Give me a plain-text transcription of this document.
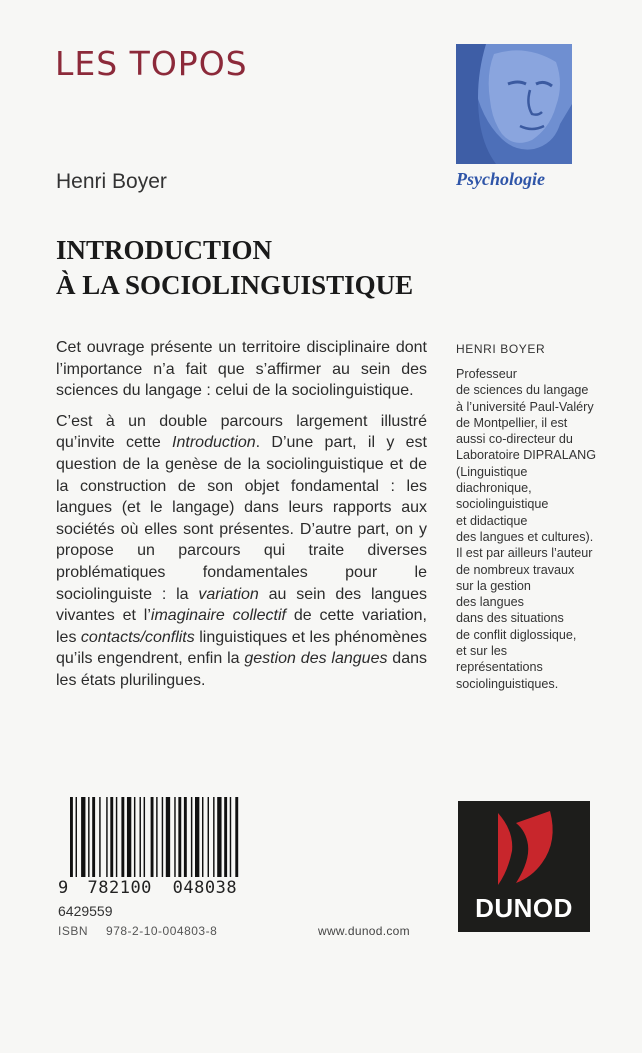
LES TOPOS
Psychologie
Henri Boyer
INTRODUCTION
À LA SOCIOLINGUISTIQUE

Cet ouvrage présente un territoire disciplinaire dont l’importance n’a fait que s’affirmer au sein des sciences du langage : celui de la sociolinguistique.

C’est à un double parcours largement illustré qu’invite cette Introduction. D’une part, il y est question de la genèse de la sociolinguistique et de la construction de son objet fondamental : les langues (et le langage) dans leurs rapports aux sociétés où elles sont présentes. D’autre part, on y propose un parcours qui traite diverses problématiques fondamentales pour le sociolinguiste : la variation au sein des langues vivantes et l’imaginaire collectif de cette variation, les contacts/conflits linguistiques et les phénomènes qu’ils engendrent, enfin la gestion des langues dans les états plurilingues.

HENRI BOYER
Professeur
de sciences du langage
à l’université Paul-Valéry
de Montpellier, il est
aussi co-directeur du
Laboratoire DIPRALANG
(Linguistique
diachronique,
sociolinguistique
et didactique
des langues et cultures).
Il est par ailleurs l’auteur
de nombreux travaux
sur la gestion
des langues
dans des situations
de conflit diglossique,
et sur les représentations
sociolinguistiques.
9 782100 048038
6429559
ISBN 978-2-10-004803-8	www.dunod.com
DUNOD
